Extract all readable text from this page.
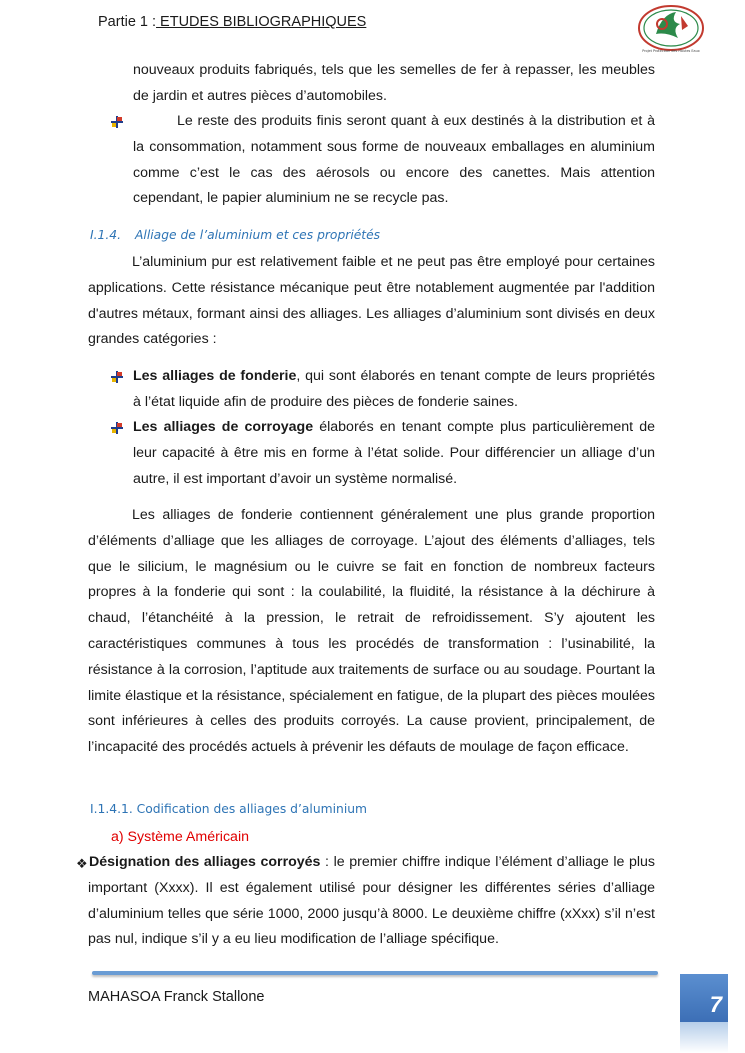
Partie 1 : ETUDES BIBLIOGRAPHIQUES
Projet Protection des Hautes Eaux
nouveaux produits fabriqués, tels que les semelles de fer à repasser, les meubles de jardin et autres pièces d’automobiles.
Le reste des produits finis seront quant à eux destinés à la distribution et à la consommation, notamment sous forme de nouveaux emballages en aluminium comme c’est le cas des aérosols ou encore des canettes. Mais attention cependant, le papier aluminium ne se recycle pas.
I.1.4. Alliage de l’aluminium et ces propriétés
L’aluminium pur est relativement faible et ne peut pas être employé pour certaines applications. Cette résistance mécanique peut être notablement augmentée par l'addition d'autres métaux, formant ainsi des alliages. Les alliages d’aluminium sont divisés en deux grandes catégories :
Les alliages de fonderie, qui sont élaborés en tenant compte de leurs propriétés à l’état liquide afin de produire des pièces de fonderie saines.
Les alliages de corroyage élaborés en tenant compte plus particulièrement de leur capacité à être mis en forme à l’état solide. Pour différencier un alliage d’un autre, il est important d’avoir un système normalisé.
Les alliages de fonderie contiennent généralement une plus grande proportion d’éléments d’alliage que les alliages de corroyage. L’ajout des éléments d’alliages, tels que le silicium, le magnésium ou le cuivre se fait en fonction de nombreux facteurs propres à la fonderie qui sont : la coulabilité, la fluidité, la résistance à la déchirure à chaud, l’étanchéité à la pression, le retrait de refroidissement. S’y ajoutent les caractéristiques communes à tous les procédés de transformation : l’usinabilité, la résistance à la corrosion, l’aptitude aux traitements de surface ou au soudage. Pourtant la limite élastique et la résistance, spécialement en fatigue, de la plupart des pièces moulées sont inférieures à celles des produits corroyés. La cause provient, principalement, de l’incapacité des procédés actuels à prévenir les défauts de moulage de façon efficace.
I.1.4.1. Codification des alliages d’aluminium
a) Système Américain
❖ Désignation des alliages corroyés : le premier chiffre indique l’élément d’alliage le plus important (Xxxx). Il est également utilisé pour désigner les différentes séries d’alliage d’aluminium telles que série 1000, 2000 jusqu’à 8000. Le deuxième chiffre (xXxx) s’il n’est pas nul, indique s’il y a eu lieu modification de l’alliage spécifique.
MAHASOA Franck Stallone	7
